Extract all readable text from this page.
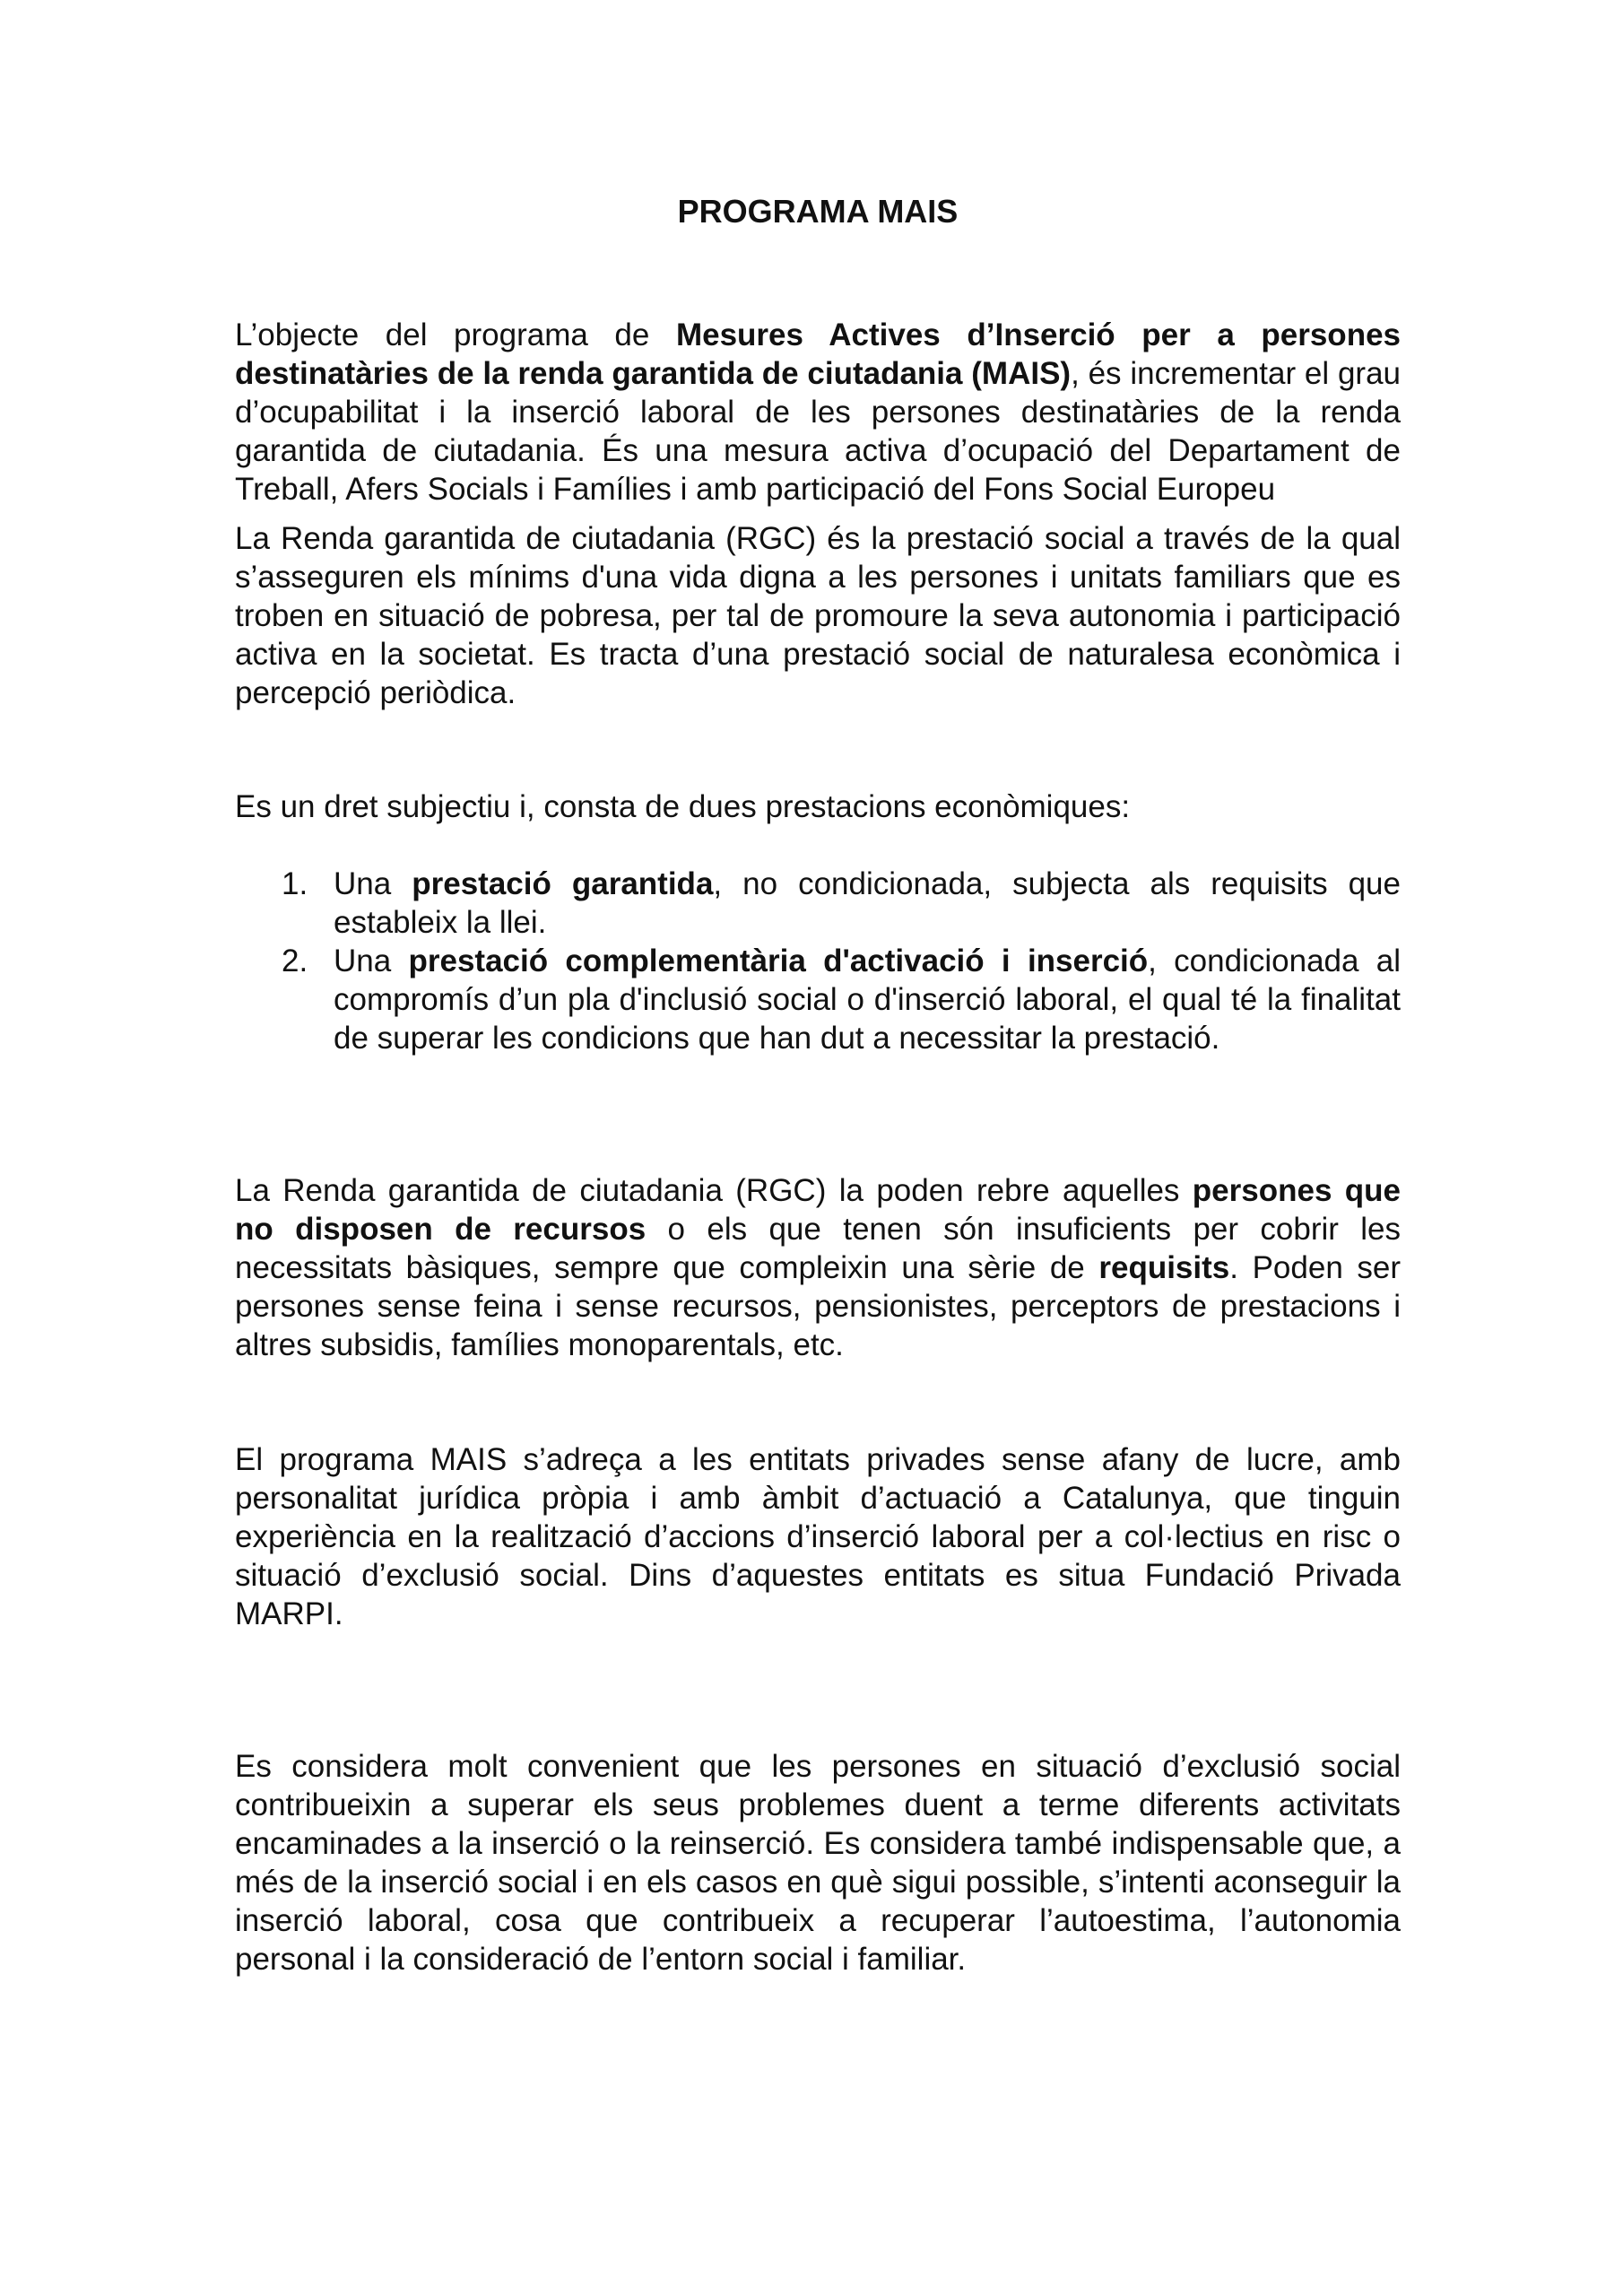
PROGRAMA MAIS

L’objecte del programa de Mesures Actives d’Inserció per a persones destinatàries de la renda garantida de ciutadania (MAIS), és incrementar el grau d’ocupabilitat i la inserció laboral de les persones destinatàries de la renda garantida de ciutadania. És una mesura activa d’ocupació del Departament de Treball, Afers Socials i Famílies i amb participació del Fons Social Europeu

La Renda garantida de ciutadania (RGC) és la prestació social a través de la qual s’asseguren els mínims d'una vida digna a les persones i unitats familiars que es troben en situació de pobresa, per tal de promoure la seva autonomia i participació activa en la societat. Es tracta d’una prestació social de naturalesa econòmica i percepció periòdica.

Es un dret subjectiu i, consta de dues prestacions econòmiques:

1. Una prestació garantida, no condicionada, subjecta als requisits que estableix la llei.
2. Una prestació complementària d'activació i inserció, condicionada al compromís d’un pla d'inclusió social o d'inserció laboral, el qual té la finalitat de superar les condicions que han dut a necessitar la prestació.

La Renda garantida de ciutadania (RGC) la poden rebre aquelles persones que no disposen de recursos o els que tenen són insuficients per cobrir les necessitats bàsiques, sempre que compleixin una sèrie de requisits. Poden ser persones sense feina i sense recursos, pensionistes, perceptors de prestacions i altres subsidis, famílies monoparentals, etc.

El programa MAIS s’adreça a les entitats privades sense afany de lucre, amb personalitat jurídica pròpia i amb àmbit d’actuació a Catalunya, que tinguin experiència en la realització d’accions d’inserció laboral per a col·lectius en risc o situació d’exclusió social. Dins d’aquestes entitats es situa Fundació Privada MARPI.

Es considera molt convenient que les persones en situació d’exclusió social contribueixin a superar els seus problemes duent a terme diferents activitats encaminades a la inserció o la reinserció. Es considera també indispensable que, a més de la inserció social i en els casos en què sigui possible, s’intenti aconseguir la inserció laboral, cosa que contribueix a recuperar l’autoestima, l’autonomia personal i la consideració de l’entorn social i familiar.
